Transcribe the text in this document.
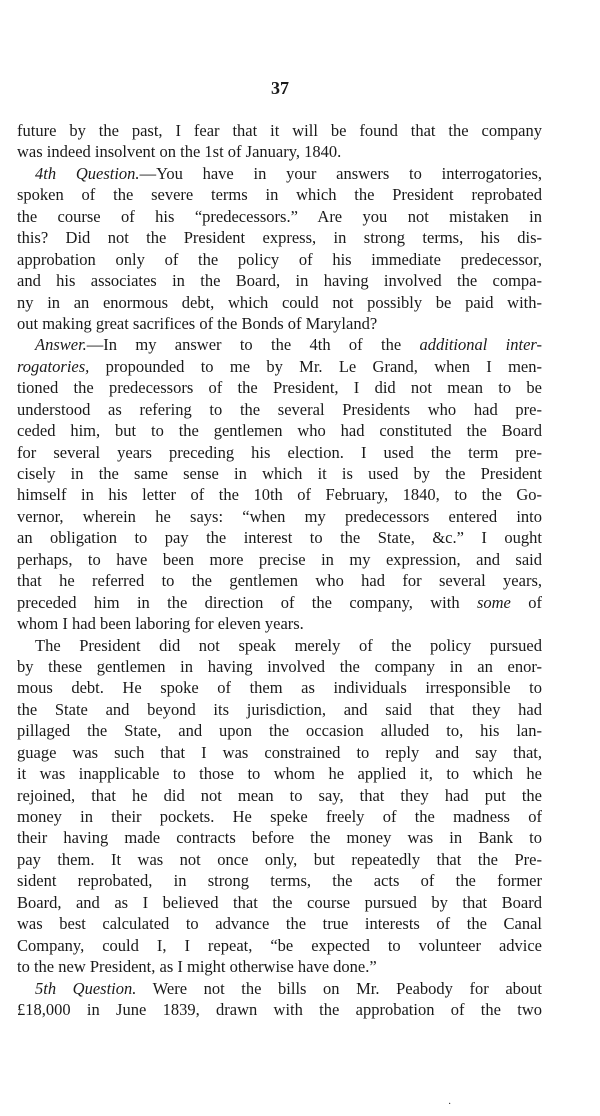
37
future by the past, I fear that it will be found that the company
was indeed insolvent on the 1st of January, 1840.
4th Question.—You have in your answers to interrogatories,
spoken of the severe terms in which the President reprobated
the course of his “predecessors.” Are you not mistaken in
this? Did not the President express, in strong terms, his dis-
approbation only of the policy of his immediate predecessor,
and his associates in the Board, in having involved the compa-
ny in an enormous debt, which could not possibly be paid with-
out making great sacrifices of the Bonds of Maryland?
Answer.—In my answer to the 4th of the additional inter-
rogatories, propounded to me by Mr. Le Grand, when I men-
tioned the predecessors of the President, I did not mean to be
understood as refering to the several Presidents who had pre-
ceded him, but to the gentlemen who had constituted the Board
for several years preceding his election. I used the term pre-
cisely in the same sense in which it is used by the President
himself in his letter of the 10th of February, 1840, to the Go-
vernor, wherein he says: “when my predecessors entered into
an obligation to pay the interest to the State, &c.” I ought
perhaps, to have been more precise in my expression, and said
that he referred to the gentlemen who had for several years,
preceded him in the direction of the company, with some of
whom I had been laboring for eleven years.
The President did not speak merely of the policy pursued
by these gentlemen in having involved the company in an enor-
mous debt. He spoke of them as individuals irresponsible to
the State and beyond its jurisdiction, and said that they had
pillaged the State, and upon the occasion alluded to, his lan-
guage was such that I was constrained to reply and say that,
it was inapplicable to those to whom he applied it, to which he
rejoined, that he did not mean to say, that they had put the
money in their pockets. He speke freely of the madness of
their having made contracts before the money was in Bank to
pay them. It was not once only, but repeatedly that the Pre-
sident reprobated, in strong terms, the acts of the former
Board, and as I believed that the course pursued by that Board
was best calculated to advance the true interests of the Canal
Company, could I, I repeat, “be expected to volunteer advice
to the new President, as I might otherwise have done.”
5th Question. Were not the bills on Mr. Peabody for about
£18,000 in June 1839, drawn with the approbation of the two
·
